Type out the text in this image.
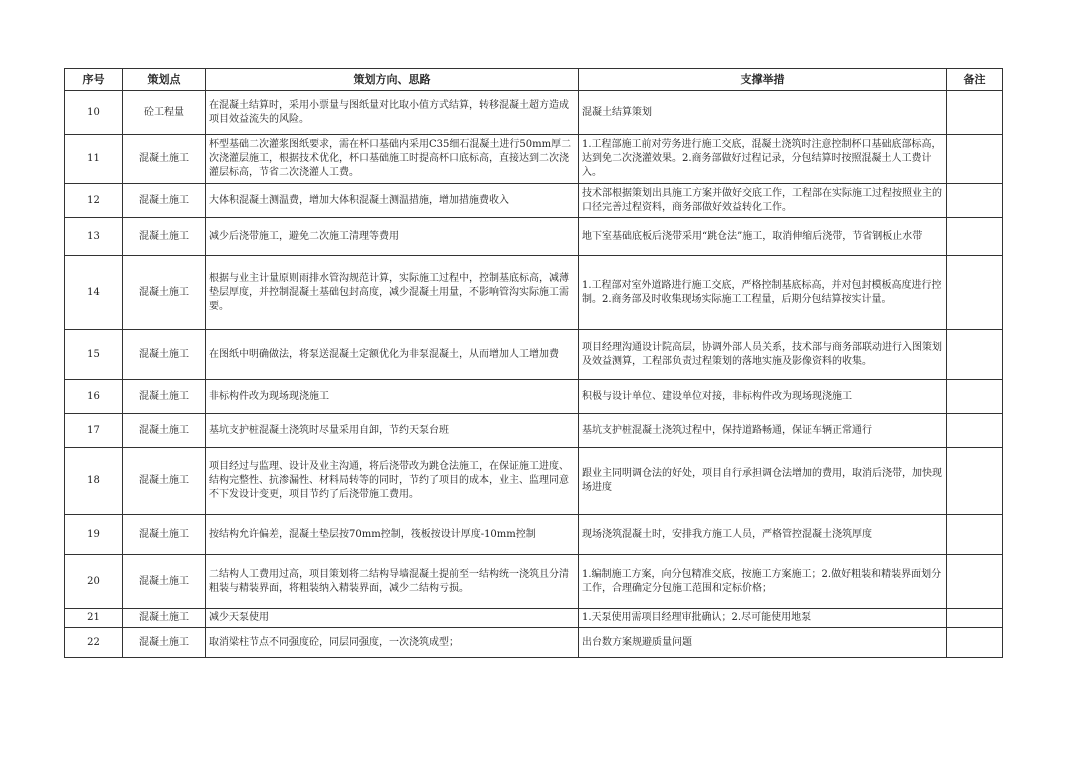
序号	策划点	策划方向、思路	支撑举措	备注
10	砼工程量	在混凝土结算时，采用小票量与图纸量对比取小值方式结算，转移混凝土超方造成项目效益流失的风险。	混凝土结算策划	
11	混凝土施工	杯型基础二次灌浆图纸要求，需在杯口基础内采用C35细石混凝土进行50mm厚二次浇灌层施工，根据技术优化，杯口基础施工时提高杯口底标高，直接达到二次浇灌层标高，节省二次浇灌人工费。	1.工程部施工前对劳务进行施工交底，混凝土浇筑时注意控制杯口基础底部标高，达到免二次浇灌效果。2.商务部做好过程记录，分包结算时按照混凝土人工费计入。	
12	混凝土施工	大体积混凝土测温费，增加大体积混凝土测温措施，增加措施费收入	技术部根据策划出具施工方案并做好交底工作，工程部在实际施工过程按照业主的口径完善过程资料，商务部做好效益转化工作。	
13	混凝土施工	减少后浇带施工，避免二次施工清理等费用	地下室基础底板后浇带采用“跳仓法”施工，取消伸缩后浇带，节省钢板止水带	
14	混凝土施工	根据与业主计量原则雨排水管沟规范计算，实际施工过程中，控制基底标高，减薄垫层厚度，并控制混凝土基础包封高度，减少混凝土用量，不影响管沟实际施工需要。	1.工程部对室外道路进行施工交底，严格控制基底标高，并对包封模板高度进行控制。2.商务部及时收集现场实际施工工程量，后期分包结算按实计量。	
15	混凝土施工	在图纸中明确做法，将泵送混凝土定额优化为非泵混凝土，从而增加人工增加费	项目经理沟通设计院高层，协调外部人员关系，技术部与商务部联动进行入图策划及效益测算，工程部负责过程策划的落地实施及影像资料的收集。	
16	混凝土施工	非标构件改为现场现浇施工	积极与设计单位、建设单位对接，非标构件改为现场现浇施工	
17	混凝土施工	基坑支护桩混凝土浇筑时尽量采用自卸，节约天泵台班	基坑支护桩混凝土浇筑过程中，保持道路畅通，保证车辆正常通行	
18	混凝土施工	项目经过与监理、设计及业主沟通，将后浇带改为跳仓法施工，在保证施工进度、结构完整性、抗渗漏性、材料局转等的同时，节约了项目的成本，业主、监理同意不下发设计变更，项目节约了后浇带施工费用。	跟业主同明调仓法的好处，项目自行承担调仓法增加的费用，取消后浇带，加快现场进度	
19	混凝土施工	按结构允许偏差，混凝土垫层按70mm控制，筏板按设计厚度-10mm控制	现场浇筑混凝土时，安排我方施工人员，严格管控混凝土浇筑厚度	
20	混凝土施工	二结构人工费用过高，项目策划将二结构导墙混凝土提前至一结构统一浇筑且分清粗装与精装界面，将粗装纳入精装界面，减少二结构亏损。	1.编制施工方案，向分包精准交底，按施工方案施工；2.做好粗装和精装界面划分工作，合理确定分包施工范围和定标价格；	
21	混凝土施工	减少天泵使用	1.天泵使用需项目经理审批确认；2.尽可能使用地泵	
22	混凝土施工	取消梁柱节点不同强度砼，同层同强度，一次浇筑成型；	出台数方案规避质量问题	
